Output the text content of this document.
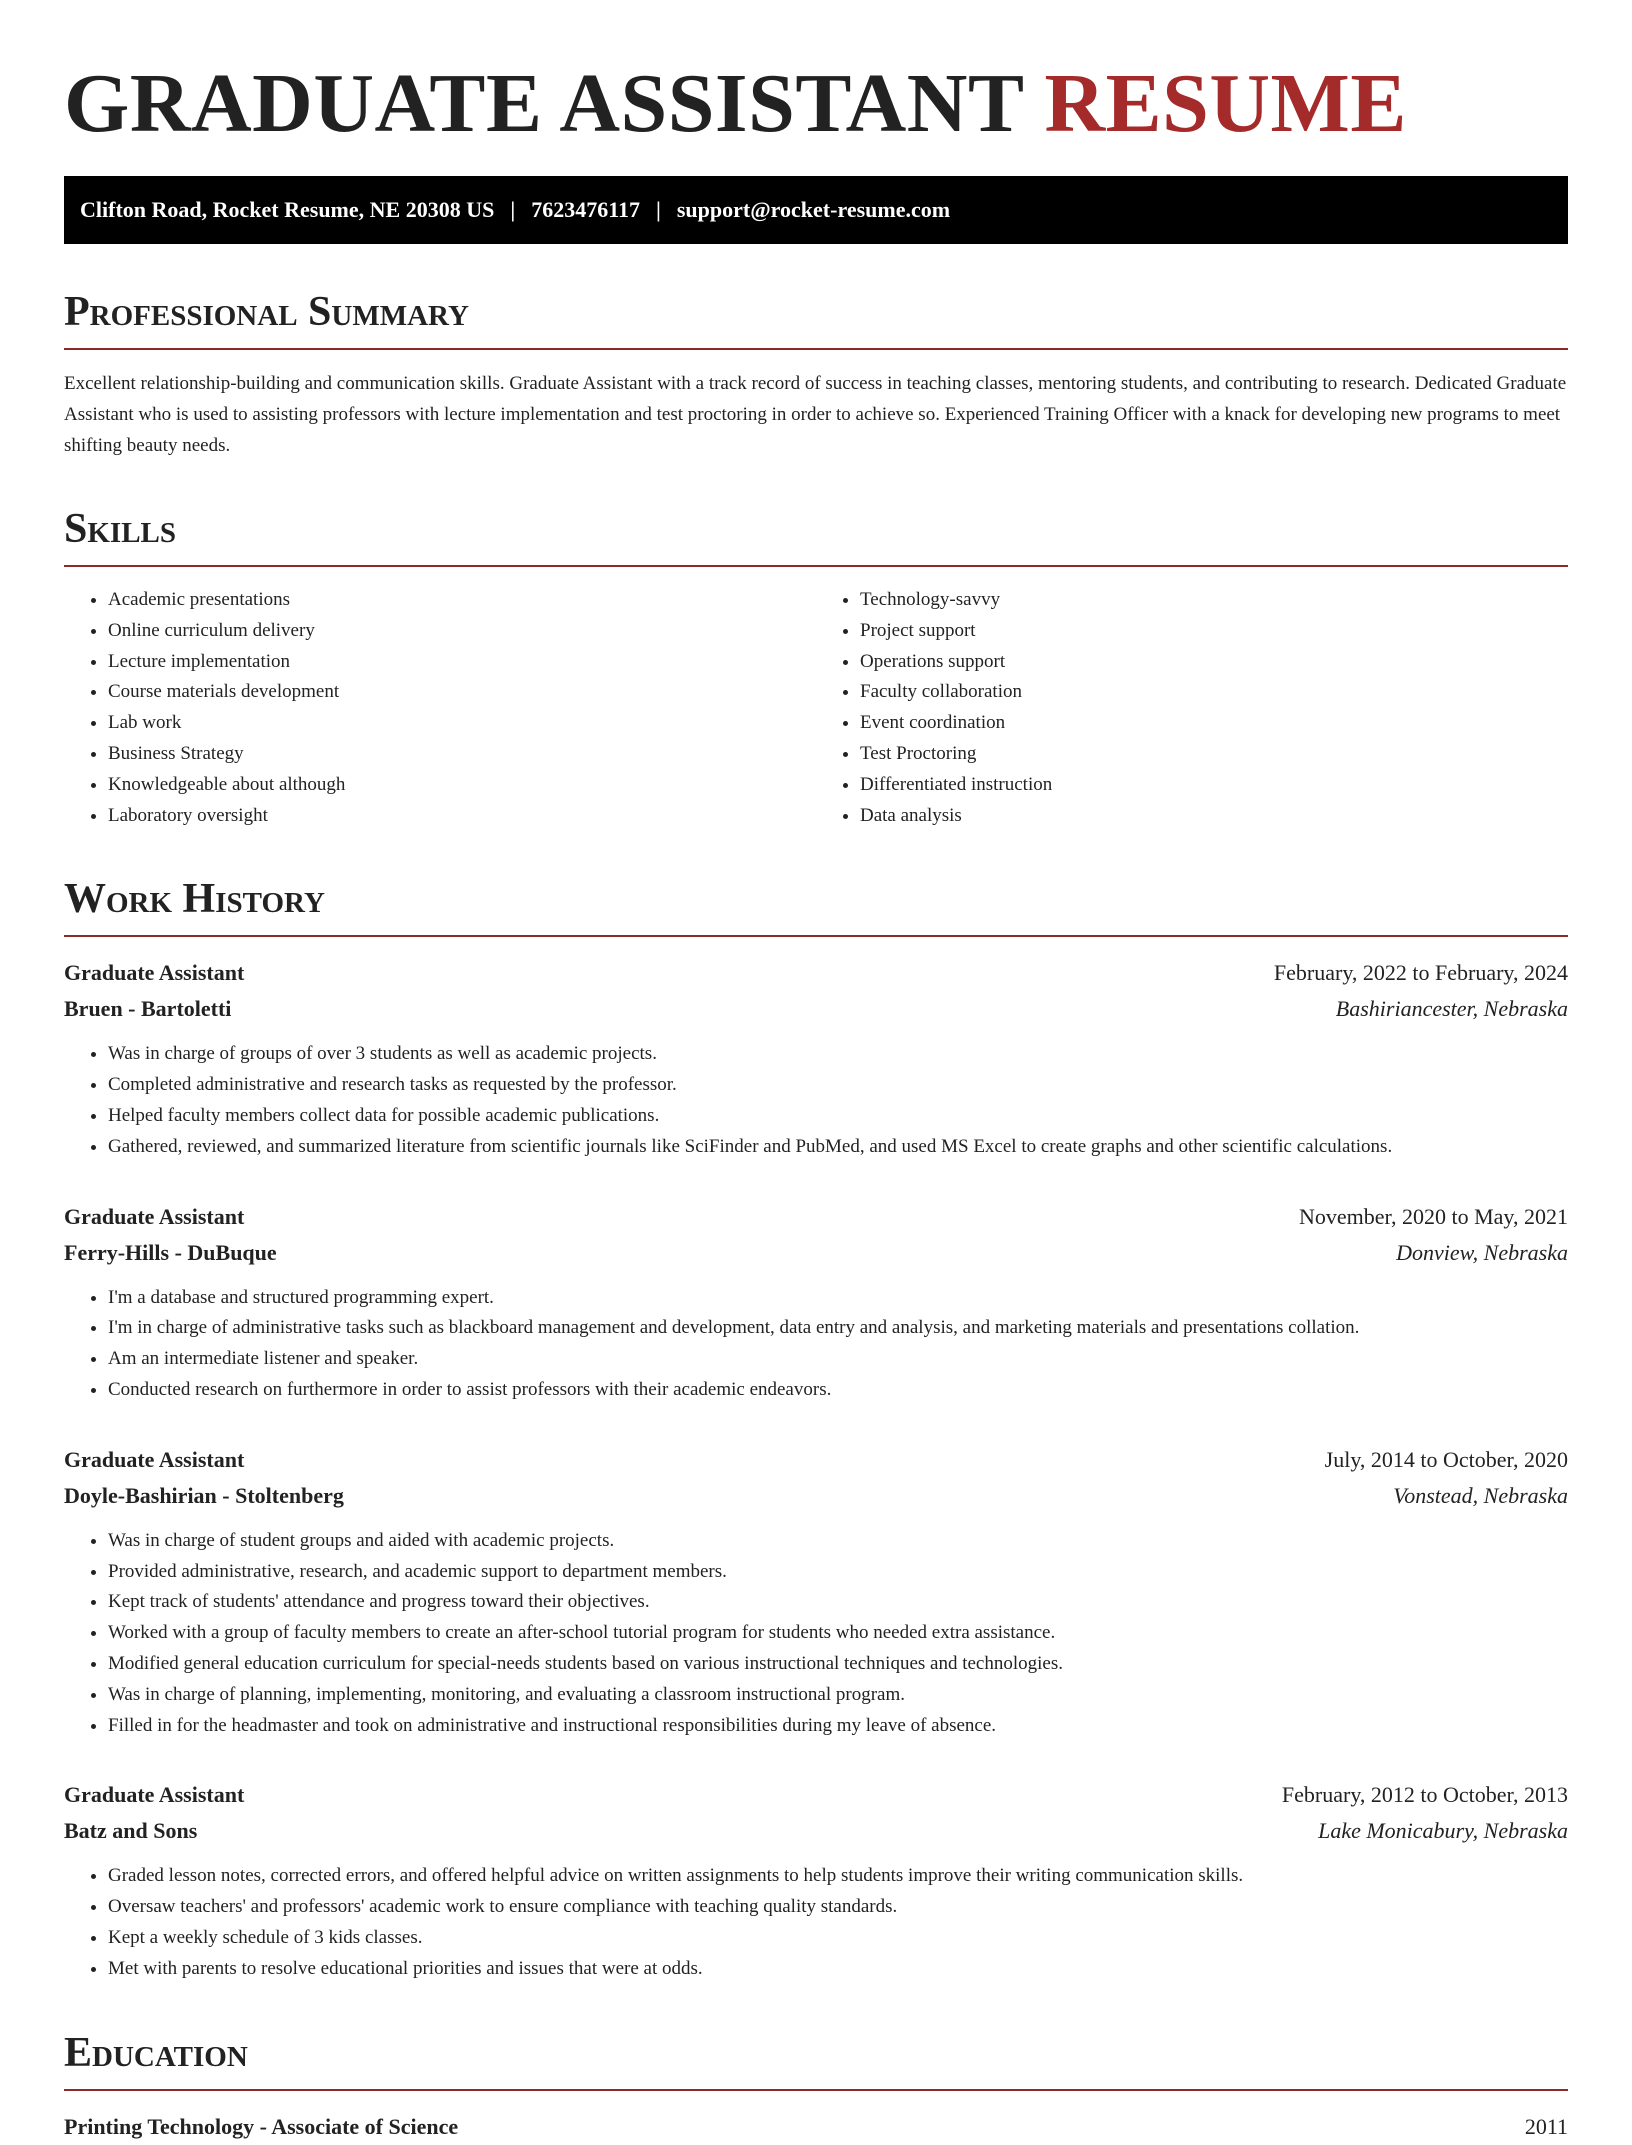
GRADUATE ASSISTANT RESUME
Clifton Road, Rocket Resume, NE 20308 US | 7623476117 | support@rocket-resume.com
Professional Summary

Excellent relationship-building and communication skills. Graduate Assistant with a track record of success in teaching classes, mentoring students, and contributing to research. Dedicated Graduate Assistant who is used to assisting professors with lecture implementation and test proctoring in order to achieve so. Experienced Training Officer with a knack for developing new programs to meet shifting beauty needs.

Skills
• Academic presentations
• Online curriculum delivery
• Lecture implementation
• Course materials development
• Lab work
• Business Strategy
• Knowledgeable about although
• Laboratory oversight
• Technology-savvy
• Project support
• Operations support
• Faculty collaboration
• Event coordination
• Test Proctoring
• Differentiated instruction
• Data analysis
Work History
Graduate Assistant	February, 2022 to February, 2024
Bruen - Bartoletti	Bashiriancester, Nebraska
• Was in charge of groups of over 3 students as well as academic projects.
• Completed administrative and research tasks as requested by the professor.
• Helped faculty members collect data for possible academic publications.
• Gathered, reviewed, and summarized literature from scientific journals like SciFinder and PubMed, and used MS Excel to create graphs and other scientific calculations.
Graduate Assistant	November, 2020 to May, 2021
Ferry-Hills - DuBuque	Donview, Nebraska
• I'm a database and structured programming expert.
• I'm in charge of administrative tasks such as blackboard management and development, data entry and analysis, and marketing materials and presentations collation.
• Am an intermediate listener and speaker.
• Conducted research on furthermore in order to assist professors with their academic endeavors.
Graduate Assistant	July, 2014 to October, 2020
Doyle-Bashirian - Stoltenberg	Vonstead, Nebraska
• Was in charge of student groups and aided with academic projects.
• Provided administrative, research, and academic support to department members.
• Kept track of students' attendance and progress toward their objectives.
• Worked with a group of faculty members to create an after-school tutorial program for students who needed extra assistance.
• Modified general education curriculum for special-needs students based on various instructional techniques and technologies.
• Was in charge of planning, implementing, monitoring, and evaluating a classroom instructional program.
• Filled in for the headmaster and took on administrative and instructional responsibilities during my leave of absence.
Graduate Assistant	February, 2012 to October, 2013
Batz and Sons	Lake Monicabury, Nebraska
• Graded lesson notes, corrected errors, and offered helpful advice on written assignments to help students improve their writing communication skills.
• Oversaw teachers' and professors' academic work to ensure compliance with teaching quality standards.
• Kept a weekly schedule of 3 kids classes.
• Met with parents to resolve educational priorities and issues that were at odds.
Education
Printing Technology - Associate of Science	2011
